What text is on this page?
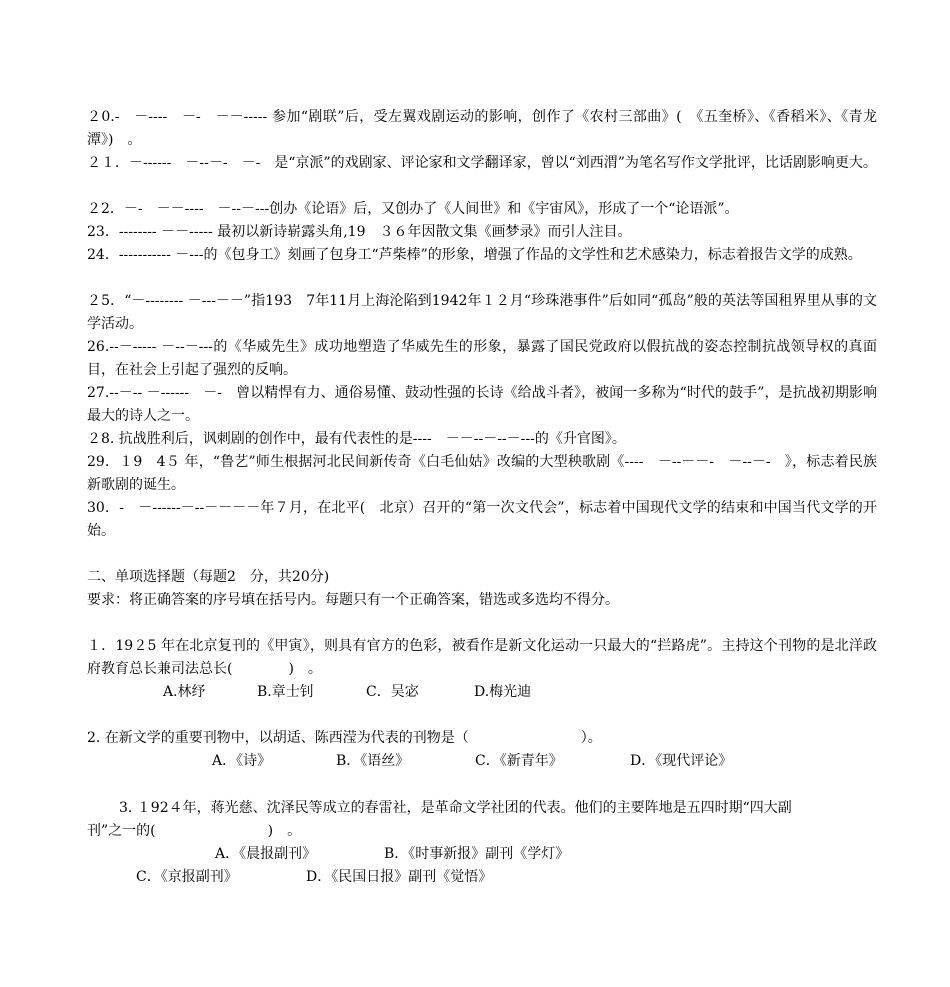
２0.-　－----　－-　－－----- 参加“剧联”后，受左翼戏剧运动的影响，创作了《农村三部曲》(　《五奎桥》、《香稻米》、《青龙潭》)　。

２１．－------　－--－-　－-　是“京派”的戏剧家、评论家和文学翻译家，曾以“刘西渭”为笔名写作文学批评，比话剧影响更大。

２2．－-　－－----　－--－---创办《论语》后，又创办了《人间世》和《宇宙风》，形成了一个“论语派”。

23．-------- －－----- 最初以新诗崭露头角,19　３６年因散文集《画梦录》而引人注目。

24．----------- －---的《包身工》刻画了包身工“芦柴棒”的形象，增强了作品的文学性和艺术感染力，标志着报告文学的成熟。

２5．“－-------- －---－－”指193　7年11月上海沦陷到1942年１２月“珍珠港事件”后如同“孤岛”般的英法等国租界里从事的文学活动。

26.--－----- －--－---的《华威先生》成功地塑造了华威先生的形象，暴露了国民党政府以假抗战的姿态控制抗战领导权的真面目，在社会上引起了强烈的反响。

27.--－-- －------　－-　曾以精悍有力、通俗易懂、鼓动性强的长诗《给战斗者》，被闻一多称为“时代的鼓手”，是抗战初期影响最大的诗人之一。

２8. 抗战胜利后，讽刺剧的创作中，最有代表性的是----　－－--－--－---的《升官图》。

29．１9　4５ 年，“鲁艺”师生根据河北民间新传奇《白毛仙姑》改编的大型秧歌剧《----　－--－－-　－--－-　》，标志着民族新歌剧的诞生。

30．-　－------－--－－－－年７月，在北平(　北京）召开的“第一次文代会”，标志着中国现代文学的结束和中国当代文学的开始。

二、单项选择题（每题2　分，共20分)

要求：将正确答案的序号填在括号内。每题只有一个正确答案，错选或多选均不得分。

１．19２5 年在北京复刊的《甲寅》，则具有官方的色彩，被看作是新文化运动一只最大的“拦路虎”。主持这个刊物的是北洋政府教育总长兼司法总长(　　　　)　。

A.林纾	B.章士钊	C．吴宓	D.梅光迪

2. 在新文学的重要刊物中，以胡适、陈西滢为代表的刊物是（　　　　　　　　）。

A．《诗》	B．《语丝》	C．《新青年》	D．《现代评论》

3. １92４年，蒋光慈、沈泽民等成立的春雷社，是革命文学社团的代表。他们的主要阵地是五四时期“四大副

刊”之一的(　　　　　　　　)　。

A．《晨报副刊》	B．《时事新报》副刊《学灯》
C．《京报副刊》	D．《民国日报》副刊《觉悟》
